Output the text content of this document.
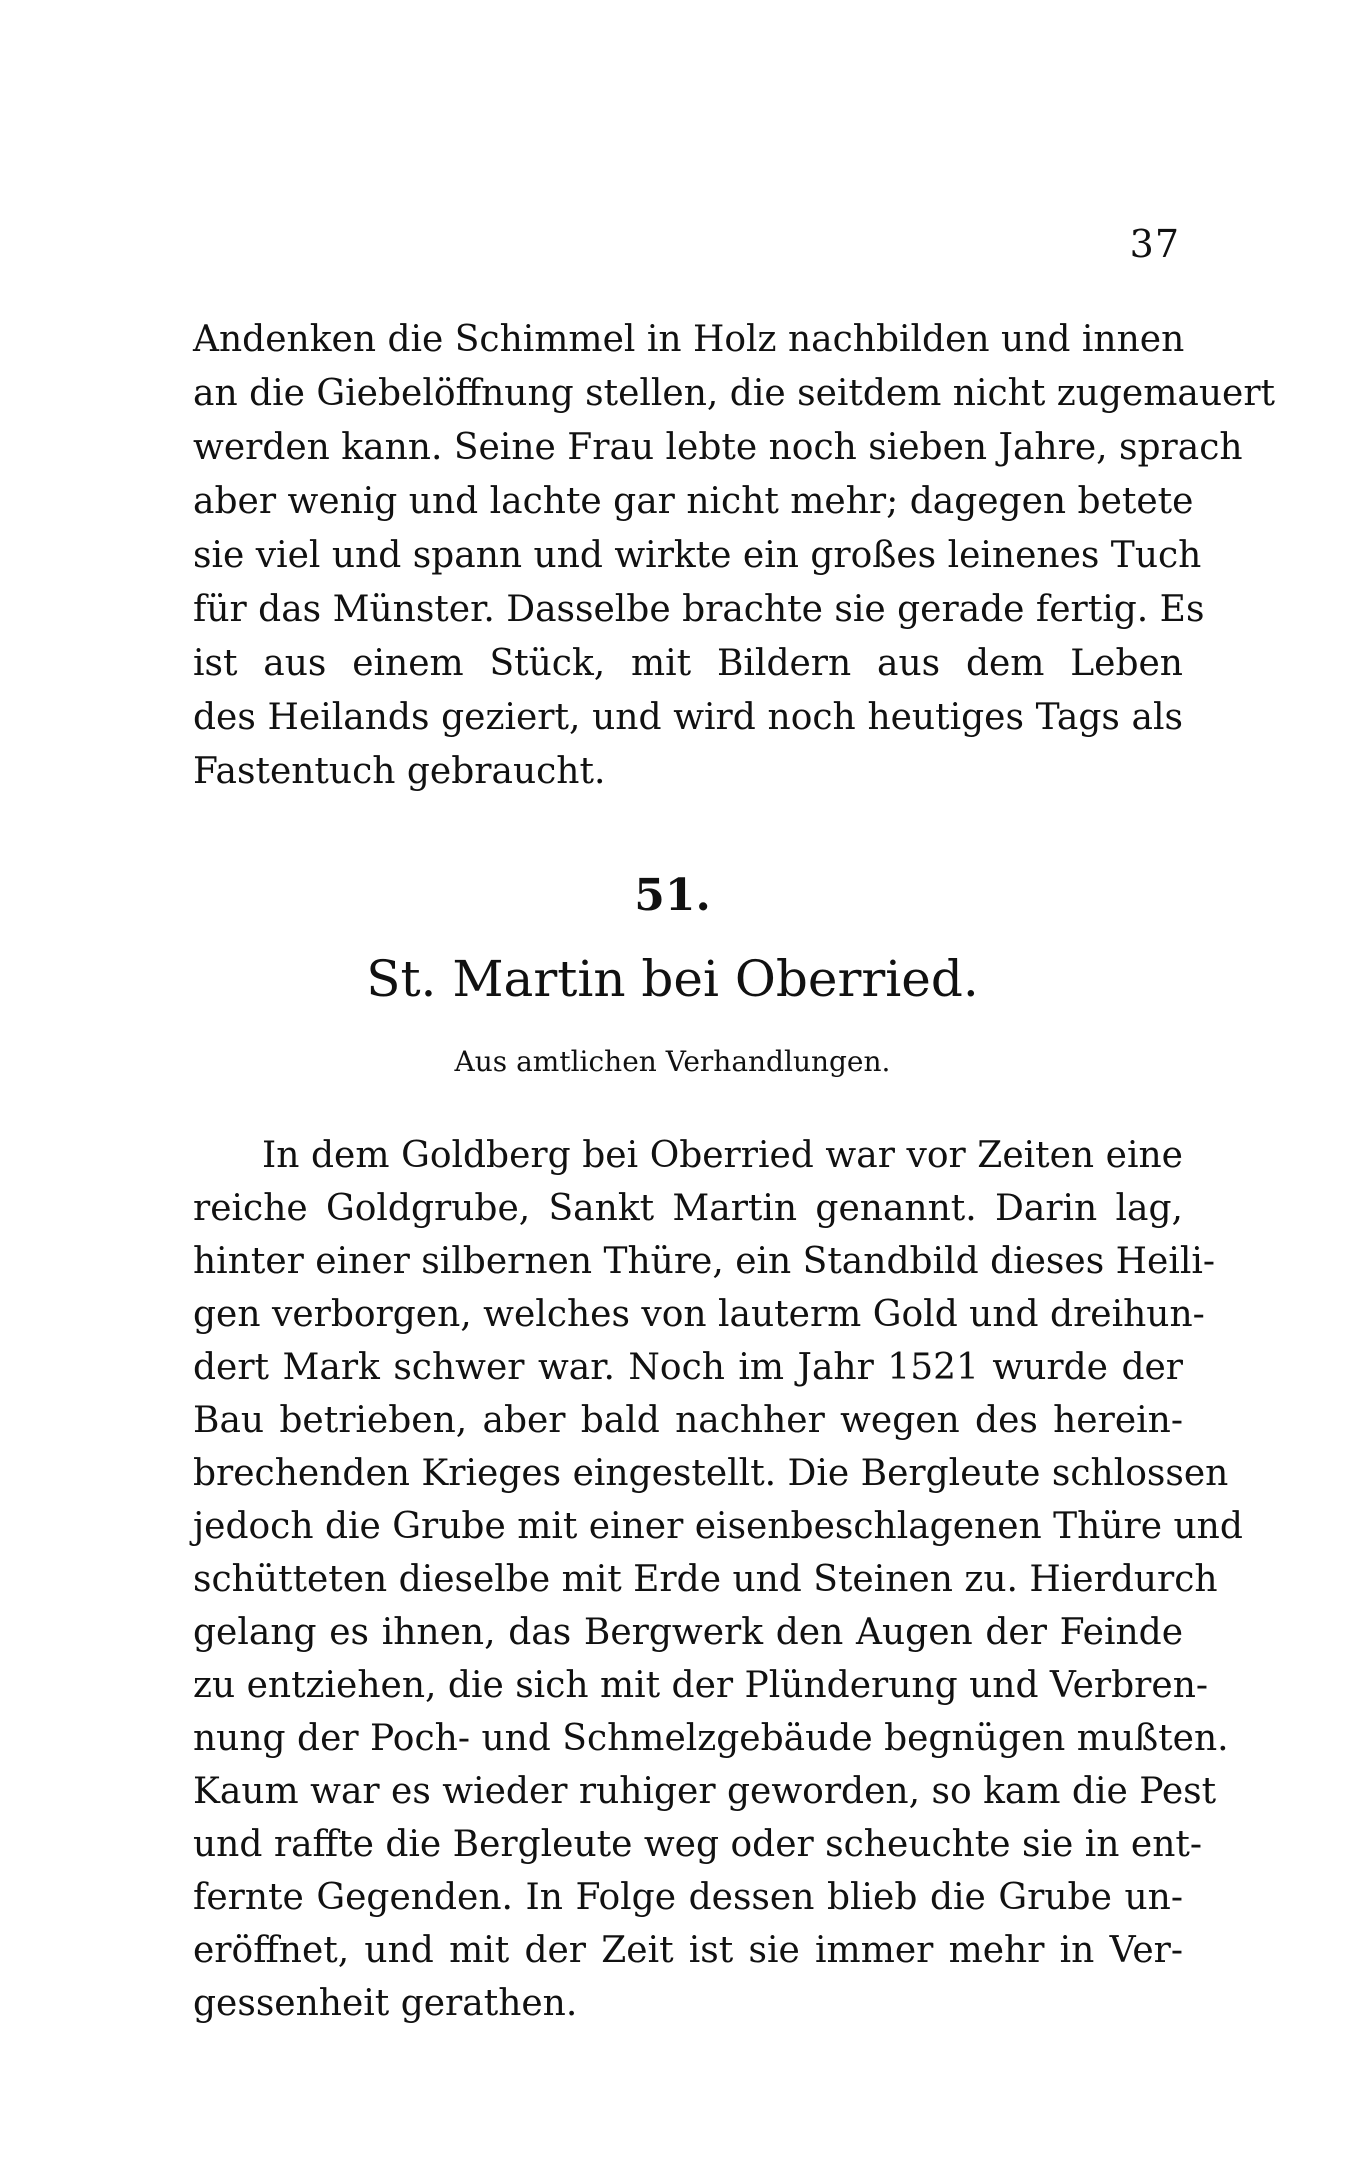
37
Andenken die Schimmel in Holz nachbilden und innen
an die Giebelöffnung stellen, die seitdem nicht zugemauert
werden kann. Seine Frau lebte noch sieben Jahre, sprach
aber wenig und lachte gar nicht mehr; dagegen betete
sie viel und spann und wirkte ein großes leinenes Tuch
für das Münster. Dasselbe brachte sie gerade fertig. Es
ist aus einem Stück, mit Bildern aus dem Leben
des Heilands geziert, und wird noch heutiges Tags als
Fastentuch gebraucht.
51.
St. Martin bei Oberried.
Aus amtlichen Verhandlungen.
In dem Goldberg bei Oberried war vor Zeiten eine
reiche Goldgrube, Sankt Martin genannt. Darin lag,
hinter einer silbernen Thüre, ein Standbild dieses Heili-
gen verborgen, welches von lauterm Gold und dreihun-
dert Mark schwer war. Noch im Jahr 1521 wurde der
Bau betrieben, aber bald nachher wegen des herein-
brechenden Krieges eingestellt. Die Bergleute schlossen
jedoch die Grube mit einer eisenbeschlagenen Thüre und
schütteten dieselbe mit Erde und Steinen zu. Hierdurch
gelang es ihnen, das Bergwerk den Augen der Feinde
zu entziehen, die sich mit der Plünderung und Verbren-
nung der Poch- und Schmelzgebäude begnügen mußten.
Kaum war es wieder ruhiger geworden, so kam die Pest
und raffte die Bergleute weg oder scheuchte sie in ent-
fernte Gegenden. In Folge dessen blieb die Grube un-
eröffnet, und mit der Zeit ist sie immer mehr in Ver-
gessenheit gerathen.
